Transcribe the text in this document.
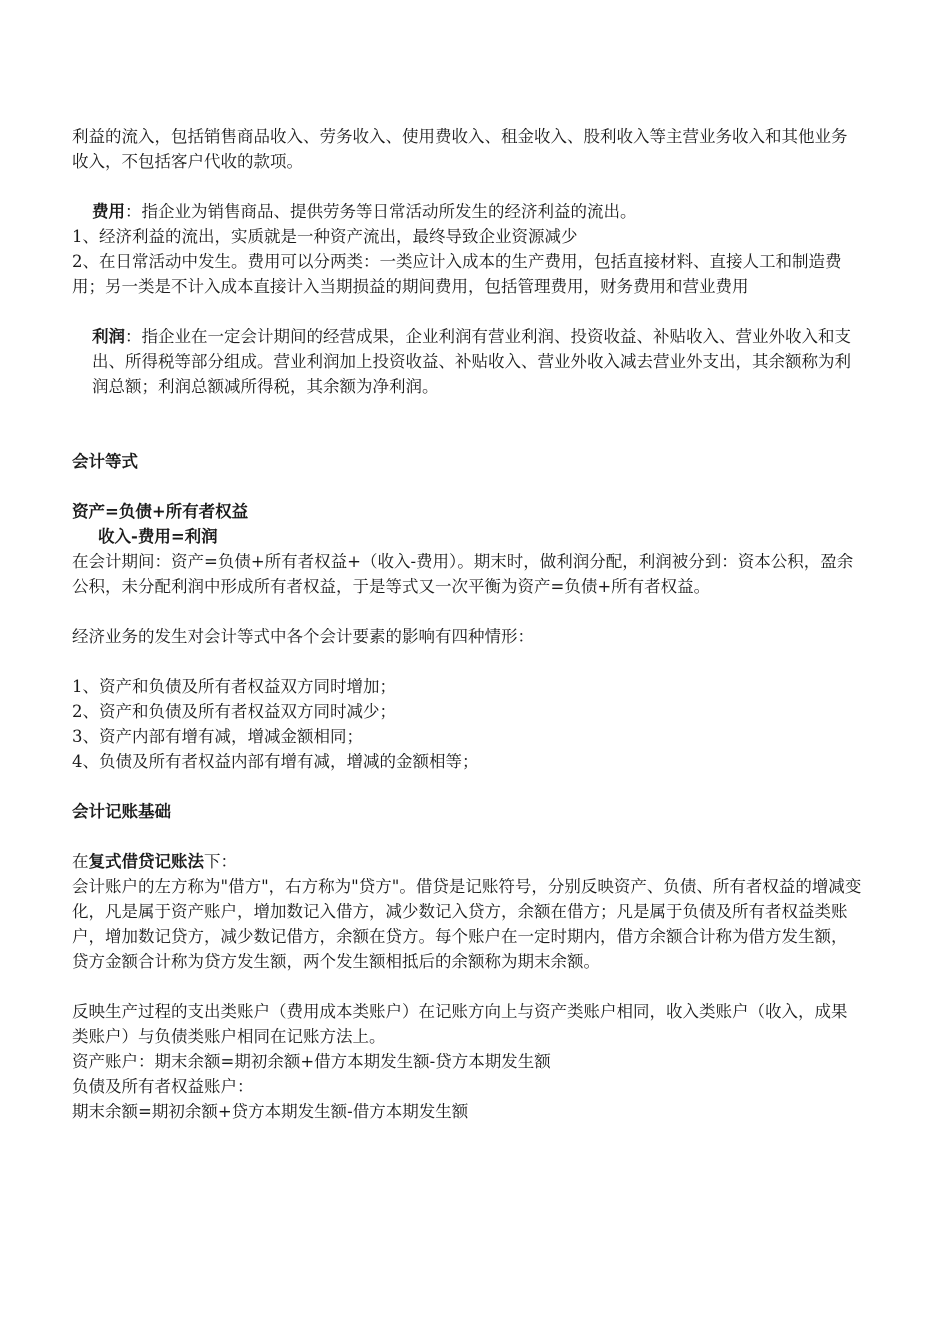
利益的流入，包括销售商品收入、劳务收入、使用费收入、租金收入、股利收入等主营业务收入和其他业务收入，不包括客户代收的款项。

费用：指企业为销售商品、提供劳务等日常活动所发生的经济利益的流出。

1、经济利益的流出，实质就是一种资产流出，最终导致企业资源减少

2、在日常活动中发生。费用可以分两类：一类应计入成本的生产费用，包括直接材料、直接人工和制造费用；另一类是不计入成本直接计入当期损益的期间费用，包括管理费用，财务费用和营业费用

利润：指企业在一定会计期间的经营成果，企业利润有营业利润、投资收益、补贴收入、营业外收入和支出、所得税等部分组成。营业利润加上投资收益、补贴收入、营业外收入减去营业外支出，其余额称为利润总额；利润总额减所得税，其余额为净利润。

会计等式

资产=负债+所有者权益

收入-费用=利润

在会计期间：资产=负债+所有者权益+（收入-费用）。期末时，做利润分配，利润被分到：资本公积，盈余公积，未分配利润中形成所有者权益，于是等式又一次平衡为资产=负债+所有者权益。

经济业务的发生对会计等式中各个会计要素的影响有四种情形：

1、资产和负债及所有者权益双方同时增加；

2、资产和负债及所有者权益双方同时减少；

3、资产内部有增有减，增减金额相同；

4、负债及所有者权益内部有增有减，增减的金额相等；

会计记账基础

在复式借贷记账法下：

会计账户的左方称为"借方"，右方称为"贷方"。借贷是记账符号，分别反映资产、负债、所有者权益的增减变化，凡是属于资产账户，增加数记入借方，减少数记入贷方，余额在借方；凡是属于负债及所有者权益类账户，增加数记贷方，减少数记借方，余额在贷方。每个账户在一定时期内，借方余额合计称为借方发生额，贷方金额合计称为贷方发生额，两个发生额相抵后的余额称为期末余额。

反映生产过程的支出类账户（费用成本类账户）在记账方向上与资产类账户相同，收入类账户（收入，成果类账户）与负债类账户相同在记账方法上。

资产账户：期末余额=期初余额+借方本期发生额-贷方本期发生额

负债及所有者权益账户：

期末余额=期初余额+贷方本期发生额-借方本期发生额
